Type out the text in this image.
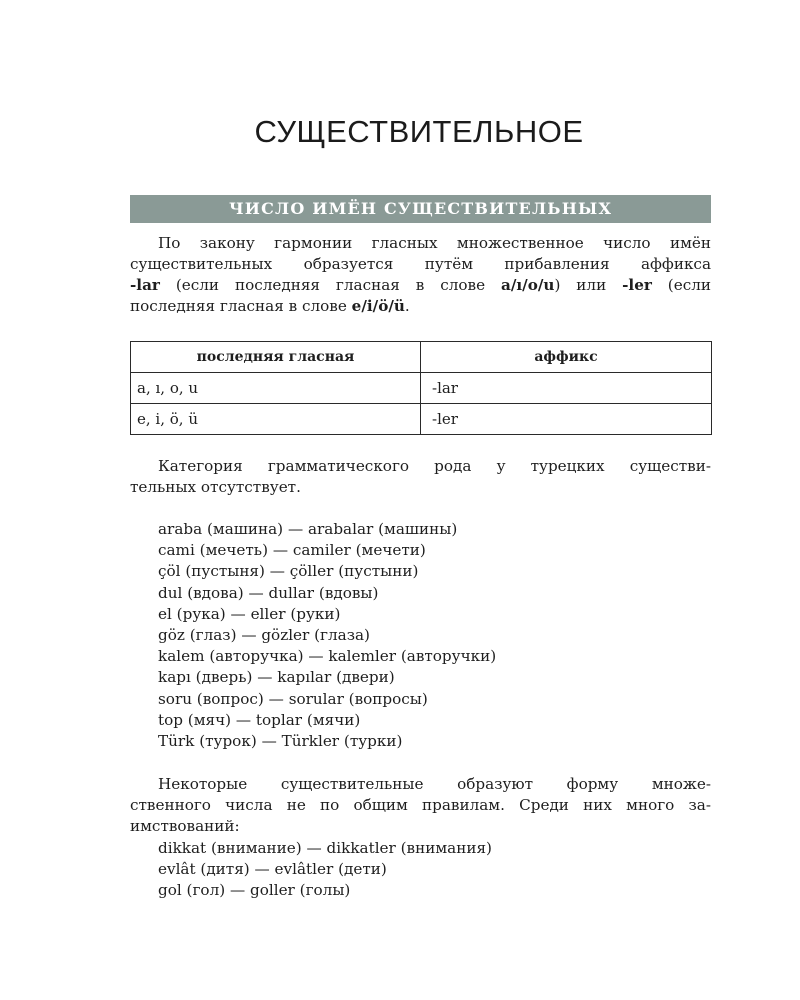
СУЩЕСТВИТЕЛЬНОЕ
ЧИСЛО ИМЁН СУЩЕСТВИТЕЛЬНЫХ
По закону гармонии гласных множественное число имён
существительных образуется путём прибавления аффикса
-lar (если последняя гласная в слове a/ı/o/u) или -ler (если
последняя гласная в слове e/i/ö/ü.
последняя гласная	аффикс
a, ı, o, u	-lar
e, i, ö, ü	-ler
Категория грамматического рода у турецких существи-
тельных отсутствует.
araba (машина) — arabalar (машины)
cami (мечеть) — camiler (мечети)
çöl (пустыня) — çöller (пустыни)
dul (вдова) — dullar (вдовы)
el (рука) — eller (руки)
göz (глаз) — gözler (глаза)
kalem (авторучка) — kalemler (авторучки)
kapı (дверь) — kapılar (двери)
soru (вопрос) — sorular (вопросы)
top (мяч) — toplar (мячи)
Türk (турок) — Türkler (турки)
Некоторые существительные образуют форму множе-
ственного числа не по общим правилам. Среди них много за-
имствований:
dikkat (внимание) — dikkatler (внимания)
evlât (дитя) — evlâtler (дети)
gol (гол) — goller (голы)
